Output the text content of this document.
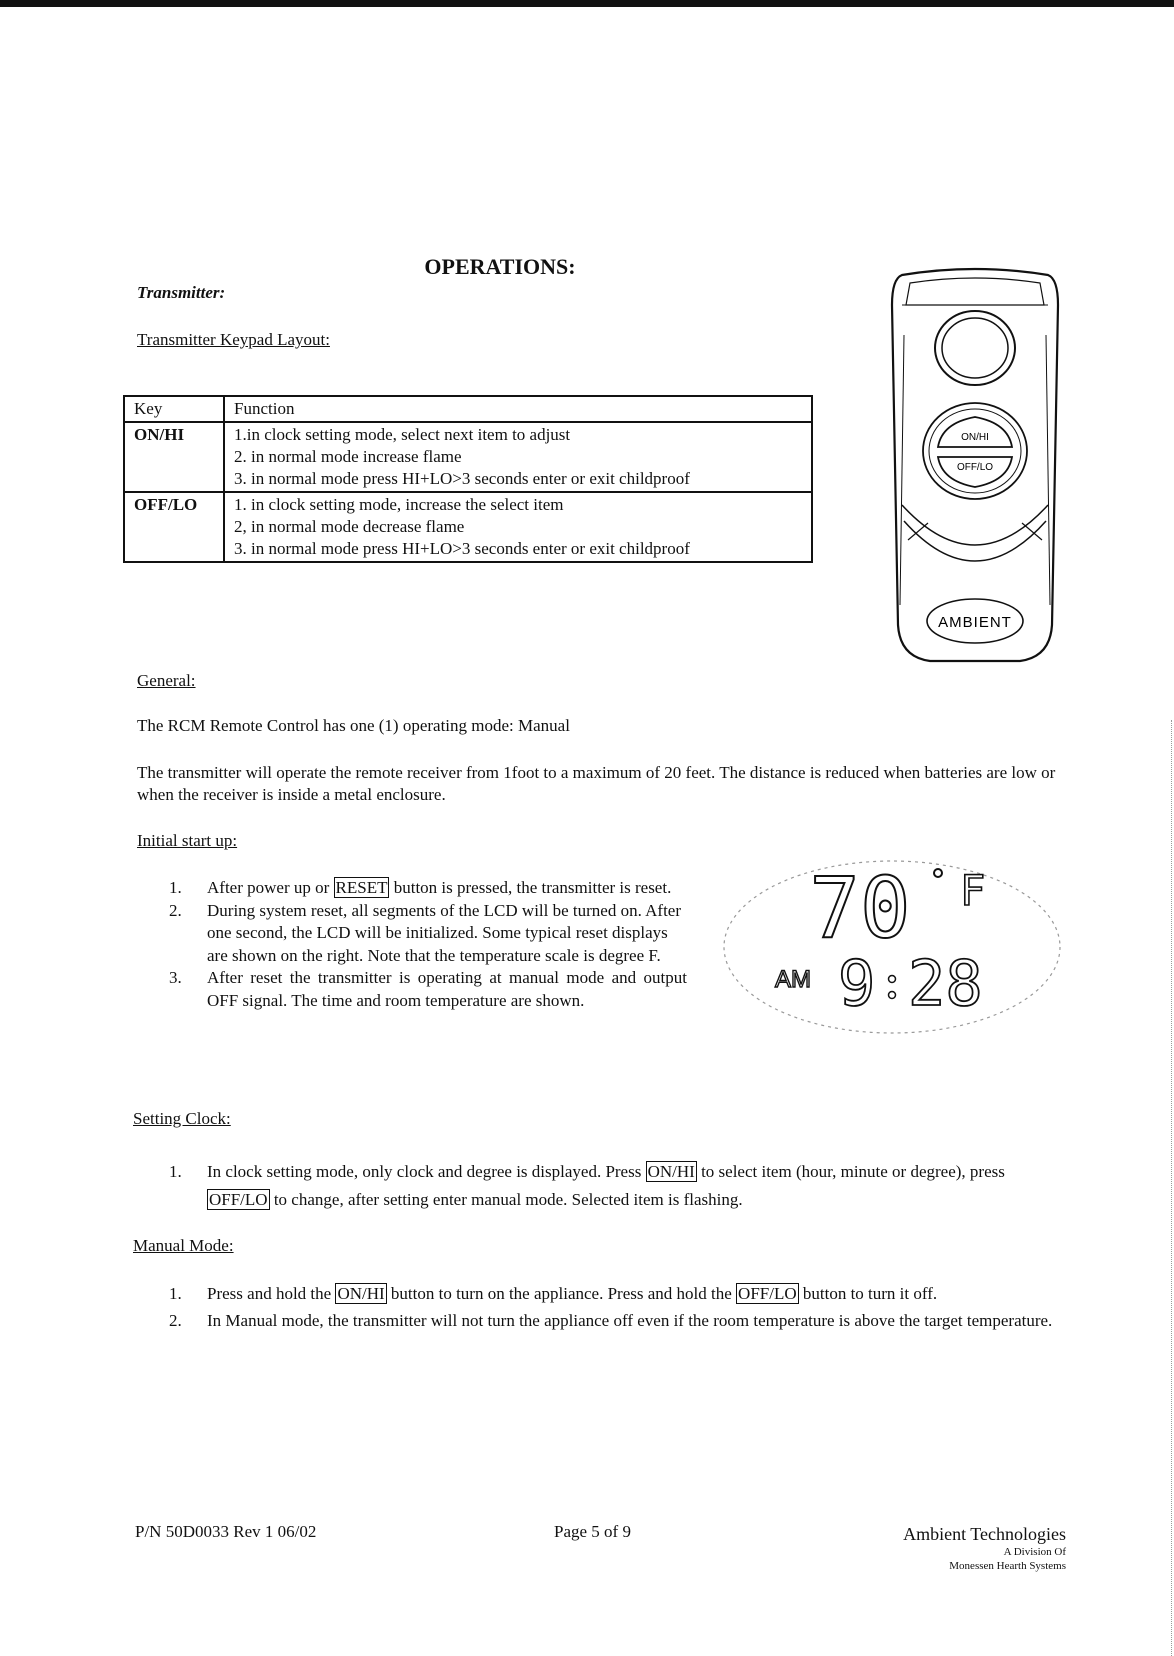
OPERATIONS:
Transmitter:
Transmitter Keypad Layout:
Key	Function
ON/HI	1.in clock setting mode, select next item to adjust
2. in normal mode increase flame
3. in normal mode press HI+LO>3 seconds enter or exit childproof

OFF/LO	1. in clock setting mode, increase the select item
2, in normal mode decrease flame
3. in normal mode press HI+LO>3 seconds enter or exit childproof
ON/HI
OFF/LO
AMBIENT
General:
The RCM Remote Control has one (1) operating mode: Manual
The transmitter will operate the remote receiver from 1foot to a maximum of 20 feet. The distance is reduced when batteries are low or when the receiver is inside a metal enclosure.
Initial start up:
1. After power up or RESET button is pressed, the transmitter is reset.
2. During system reset, all segments of the LCD will be turned on. After one second, the LCD will be initialized. Some typical reset displays are shown on the right. Note that the temperature scale is degree F.
3. After reset the transmitter is operating at manual mode and output OFF signal. The time and room temperature are shown.
70 F
AM 9 28
Setting Clock:
1. In clock setting mode, only clock and degree is displayed. Press ON/HI to select item (hour, minute or degree), press OFF/LO to change, after setting enter manual mode. Selected item is flashing.
Manual Mode:
1. Press and hold the ON/HI button to turn on the appliance. Press and hold the OFF/LO button to turn it off.
2. In Manual mode, the transmitter will not turn the appliance off even if the room temperature is above the target temperature.
P/N 50D0033 Rev 1 06/02	Page 5 of 9	Ambient Technologies
A Division Of
Monessen Hearth Systems
